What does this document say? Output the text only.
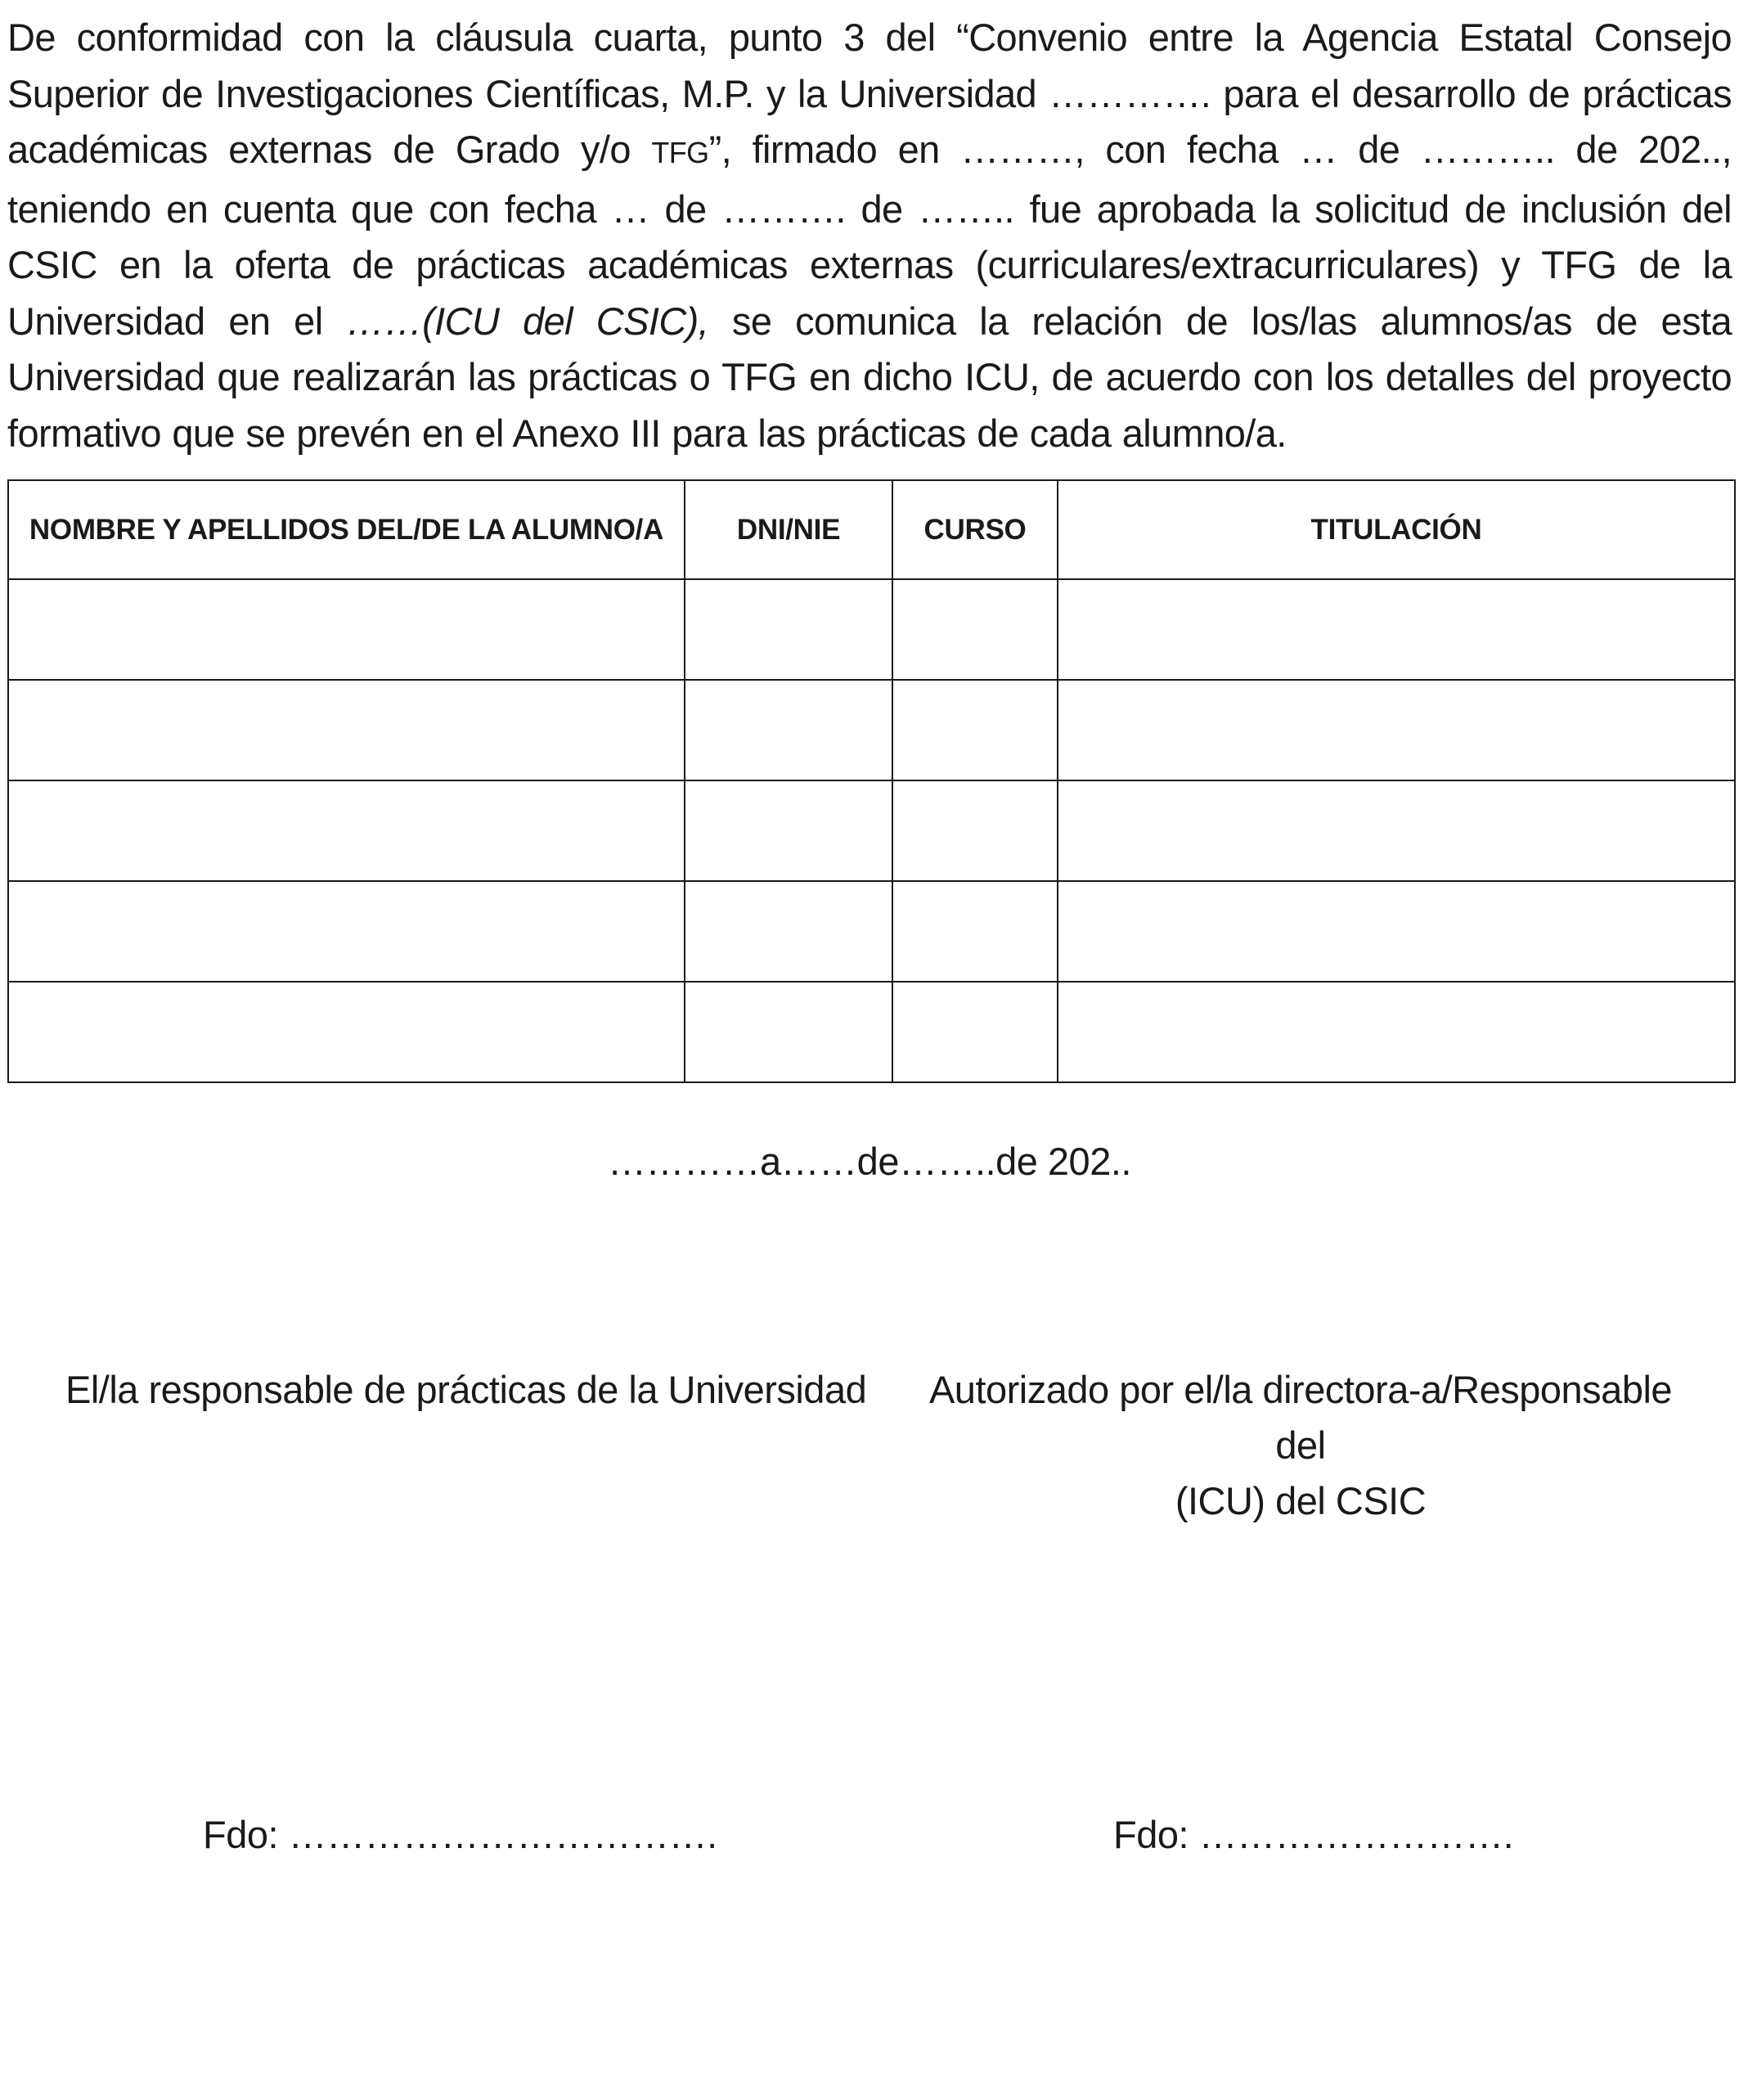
De conformidad con la cláusula cuarta, punto 3 del “Convenio entre la Agencia Estatal Consejo Superior de Investigaciones Científicas, M.P. y la Universidad …………. para el desarrollo de prácticas académicas externas de Grado y/o TFG”, firmado en ………, con fecha … de ……….. de 202.., teniendo en cuenta que con fecha … de ………. de …….. fue aprobada la solicitud de inclusión del CSIC en la oferta de prácticas académicas externas (curriculares/extracurriculares) y TFG de la Universidad en el ……(ICU del CSIC), se comunica la relación de los/las alumnos/as de esta Universidad que realizarán las prácticas o TFG en dicho ICU, de acuerdo con los detalles del proyecto formativo que se prevén en el Anexo III para las prácticas de cada alumno/a.

NOMBRE Y APELLIDOS DEL/DE LA ALUMNO/A	DNI/NIE	CURSO	TITULACIÓN

…………a……de……..de 202..
El/la responsable de prácticas de la Universidad	Autorizado por el/la directora-a/Responsable del
(ICU) del CSIC
Fdo: …………………………….	Fdo: …………………….
